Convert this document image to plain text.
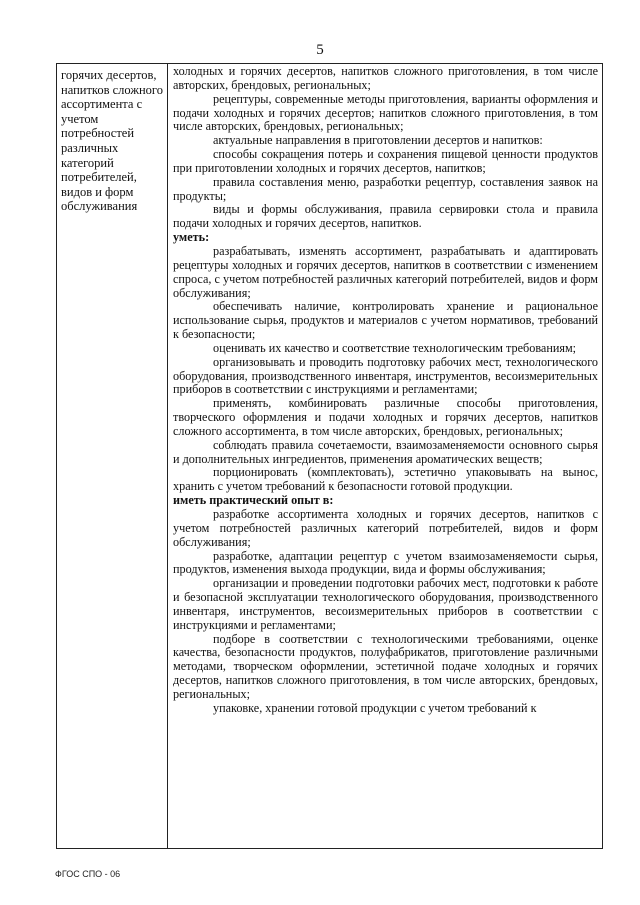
5
горячих десертов, напитков сложного ассортимента с учетом потребностей различных категорий потребителей, видов и форм обслуживания

холодных и горячих десертов, напитков сложного приготовления, в том числе авторских, брендовых, региональных;

рецептуры, современные методы приготовления, варианты оформления и подачи холодных и горячих десертов; напитков сложного приготовления, в том числе авторских, брендовых, региональных;

актуальные направления в приготовлении десертов и напитков:

способы сокращения потерь и сохранения пищевой ценности продуктов при приготовлении холодных и горячих десертов, напитков;

правила составления меню, разработки рецептур, составления заявок на продукты;

виды и формы обслуживания, правила сервировки стола и правила подачи холодных и горячих десертов, напитков.

уметь:

разрабатывать, изменять ассортимент, разрабатывать и адаптировать рецептуры холодных и горячих десертов, напитков в соответствии с изменением спроса, с учетом потребностей различных категорий потребителей, видов и форм обслуживания;

обеспечивать наличие, контролировать хранение и рациональное использование сырья, продуктов и материалов с учетом нормативов, требований к безопасности;

оценивать их качество и соответствие технологическим требованиям;

организовывать и проводить подготовку рабочих мест, технологического оборудования, производственного инвентаря, инструментов, весоизмерительных приборов в соответствии с инструкциями и регламентами;

применять, комбинировать различные способы приготовления, творческого оформления и подачи холодных и горячих десертов, напитков сложного ассортимента, в том числе авторских, брендовых, региональных;

соблюдать правила сочетаемости, взаимозаменяемости основного сырья и дополнительных ингредиентов, применения ароматических веществ;

порционировать (комплектовать), эстетично упаковывать на вынос, хранить с учетом требований к безопасности готовой продукции.

иметь практический опыт в:

разработке ассортимента холодных и горячих десертов, напитков с учетом потребностей различных категорий потребителей, видов и форм обслуживания;

разработке, адаптации рецептур с учетом взаимозаменяемости сырья, продуктов, изменения выхода продукции, вида и формы обслуживания;

организации и проведении подготовки рабочих мест, подготовки к работе и безопасной эксплуатации технологического оборудования, производственного инвентаря, инструментов, весоизмерительных приборов в соответствии с инструкциями и регламентами;

подборе в соответствии с технологическими требованиями, оценке качества, безопасности продуктов, полуфабрикатов, приготовление различными методами, творческом оформлении, эстетичной подаче холодных и горячих десертов, напитков сложного приготовления, в том числе авторских, брендовых, региональных;

упаковке, хранении готовой продукции с учетом требований к

ФГОС СПО - 06
